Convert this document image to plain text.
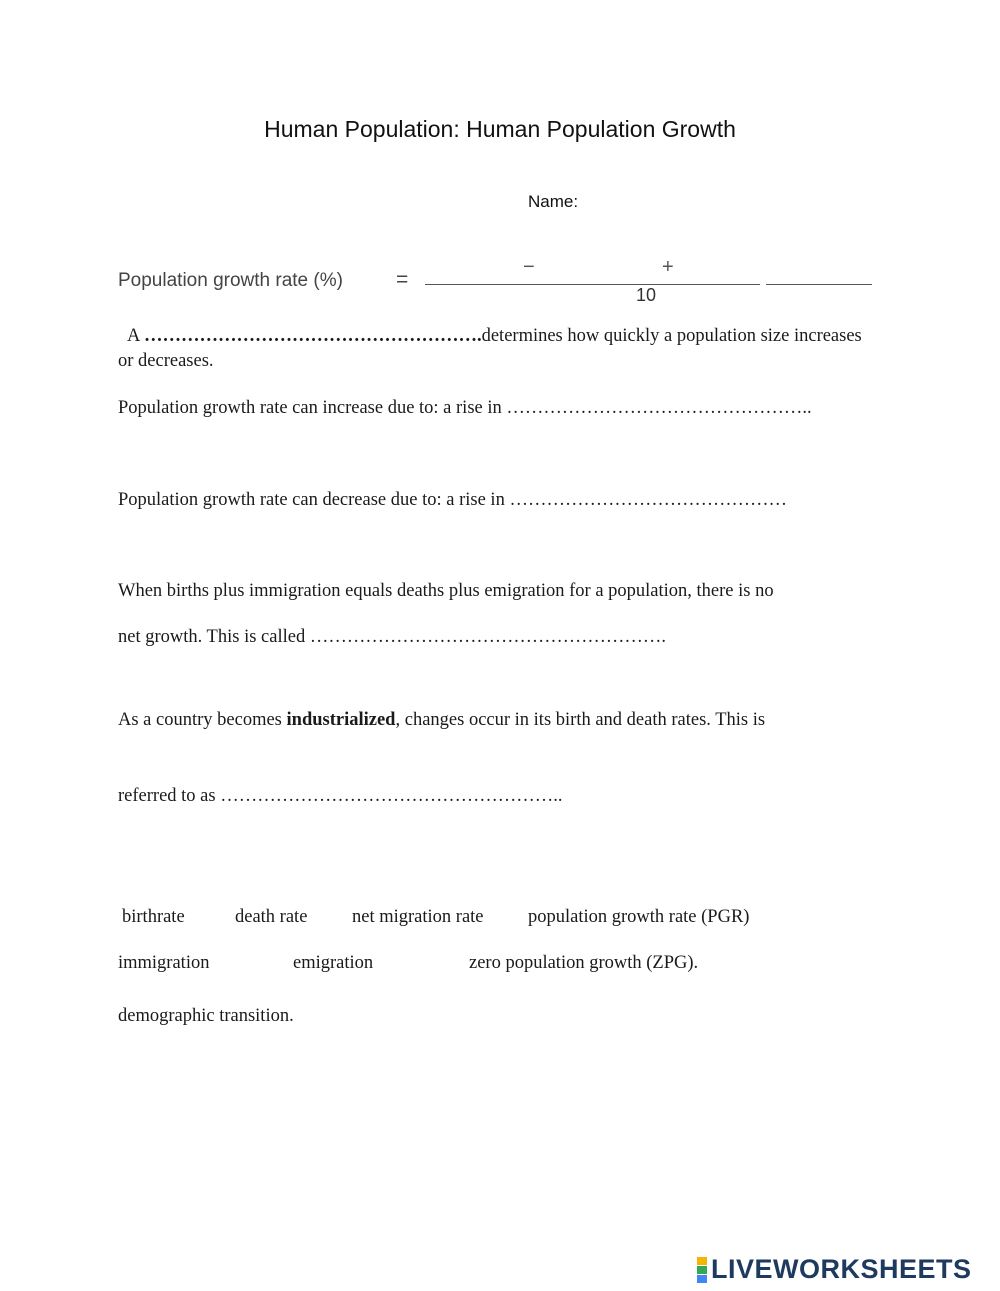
Human Population: Human Population Growth
Name:
Population growth rate (%)	=
−	+
10
A ……………………………………………….determines how quickly a population size increases
or decreases.
Population growth rate can increase due to: a rise in …………………………………………..
Population growth rate can decrease due to: a rise in ………………………………………
When births plus immigration equals deaths plus emigration for a population, there is no
net growth. This is called ………………………………………………….
As a country becomes industrialized, changes occur in its birth and death rates. This is
referred to as ………………………………………………..
birthrate	death rate net migration rate population growth rate (PGR)
immigration	emigration	zero population growth (ZPG).
demographic transition.
LIVEWORKSHEETS
